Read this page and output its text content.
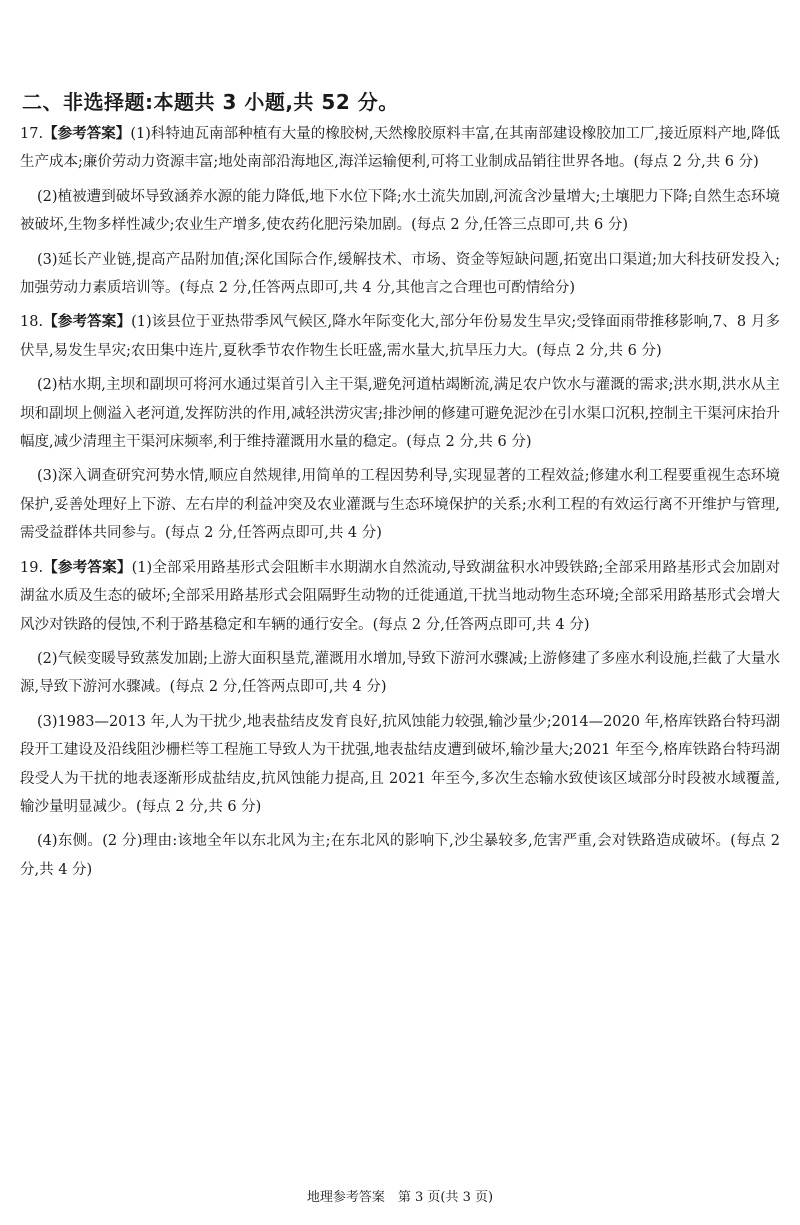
二、非选择题:本题共 3 小题,共 52 分。

17.【参考答案】(1)科特迪瓦南部种植有大量的橡胶树,天然橡胶原料丰富,在其南部建设橡胶加工厂,接近原料产地,降低生产成本;廉价劳动力资源丰富;地处南部沿海地区,海洋运输便利,可将工业制成品销往世界各地。(每点 2 分,共 6 分)

(2)植被遭到破坏导致涵养水源的能力降低,地下水位下降;水土流失加剧,河流含沙量增大;土壤肥力下降;自然生态环境被破坏,生物多样性减少;农业生产增多,使农药化肥污染加剧。(每点 2 分,任答三点即可,共 6 分)

(3)延长产业链,提高产品附加值;深化国际合作,缓解技术、市场、资金等短缺问题,拓宽出口渠道;加大科技研发投入;加强劳动力素质培训等。(每点 2 分,任答两点即可,共 4 分,其他言之合理也可酌情给分)

18.【参考答案】(1)该县位于亚热带季风气候区,降水年际变化大,部分年份易发生旱灾;受锋面雨带推移影响,7、8 月多伏旱,易发生旱灾;农田集中连片,夏秋季节农作物生长旺盛,需水量大,抗旱压力大。(每点 2 分,共 6 分)

(2)枯水期,主坝和副坝可将河水通过渠首引入主干渠,避免河道枯竭断流,满足农户饮水与灌溉的需求;洪水期,洪水从主坝和副坝上侧溢入老河道,发挥防洪的作用,减轻洪涝灾害;排沙闸的修建可避免泥沙在引水渠口沉积,控制主干渠河床抬升幅度,减少清理主干渠河床频率,利于维持灌溉用水量的稳定。(每点 2 分,共 6 分)

(3)深入调查研究河势水情,顺应自然规律,用简单的工程因势利导,实现显著的工程效益;修建水利工程要重视生态环境保护,妥善处理好上下游、左右岸的利益冲突及农业灌溉与生态环境保护的关系;水利工程的有效运行离不开维护与管理,需受益群体共同参与。(每点 2 分,任答两点即可,共 4 分)

19.【参考答案】(1)全部采用路基形式会阻断丰水期湖水自然流动,导致湖盆积水冲毁铁路;全部采用路基形式会加剧对湖盆水质及生态的破坏;全部采用路基形式会阻隔野生动物的迁徙通道,干扰当地动物生态环境;全部采用路基形式会增大风沙对铁路的侵蚀,不利于路基稳定和车辆的通行安全。(每点 2 分,任答两点即可,共 4 分)

(2)气候变暖导致蒸发加剧;上游大面积垦荒,灌溉用水增加,导致下游河水骤减;上游修建了多座水利设施,拦截了大量水源,导致下游河水骤减。(每点 2 分,任答两点即可,共 4 分)

(3)1983—2013 年,人为干扰少,地表盐结皮发育良好,抗风蚀能力较强,输沙量少;2014—2020 年,格库铁路台特玛湖段开工建设及沿线阻沙栅栏等工程施工导致人为干扰强,地表盐结皮遭到破坏,输沙量大;2021 年至今,格库铁路台特玛湖段受人为干扰的地表逐渐形成盐结皮,抗风蚀能力提高,且 2021 年至今,多次生态输水致使该区域部分时段被水域覆盖,输沙量明显减少。(每点 2 分,共 6 分)

(4)东侧。(2 分)理由:该地全年以东北风为主;在东北风的影响下,沙尘暴较多,危害严重,会对铁路造成破坏。(每点 2 分,共 4 分)

地理参考答案　第 3 页(共 3 页)
